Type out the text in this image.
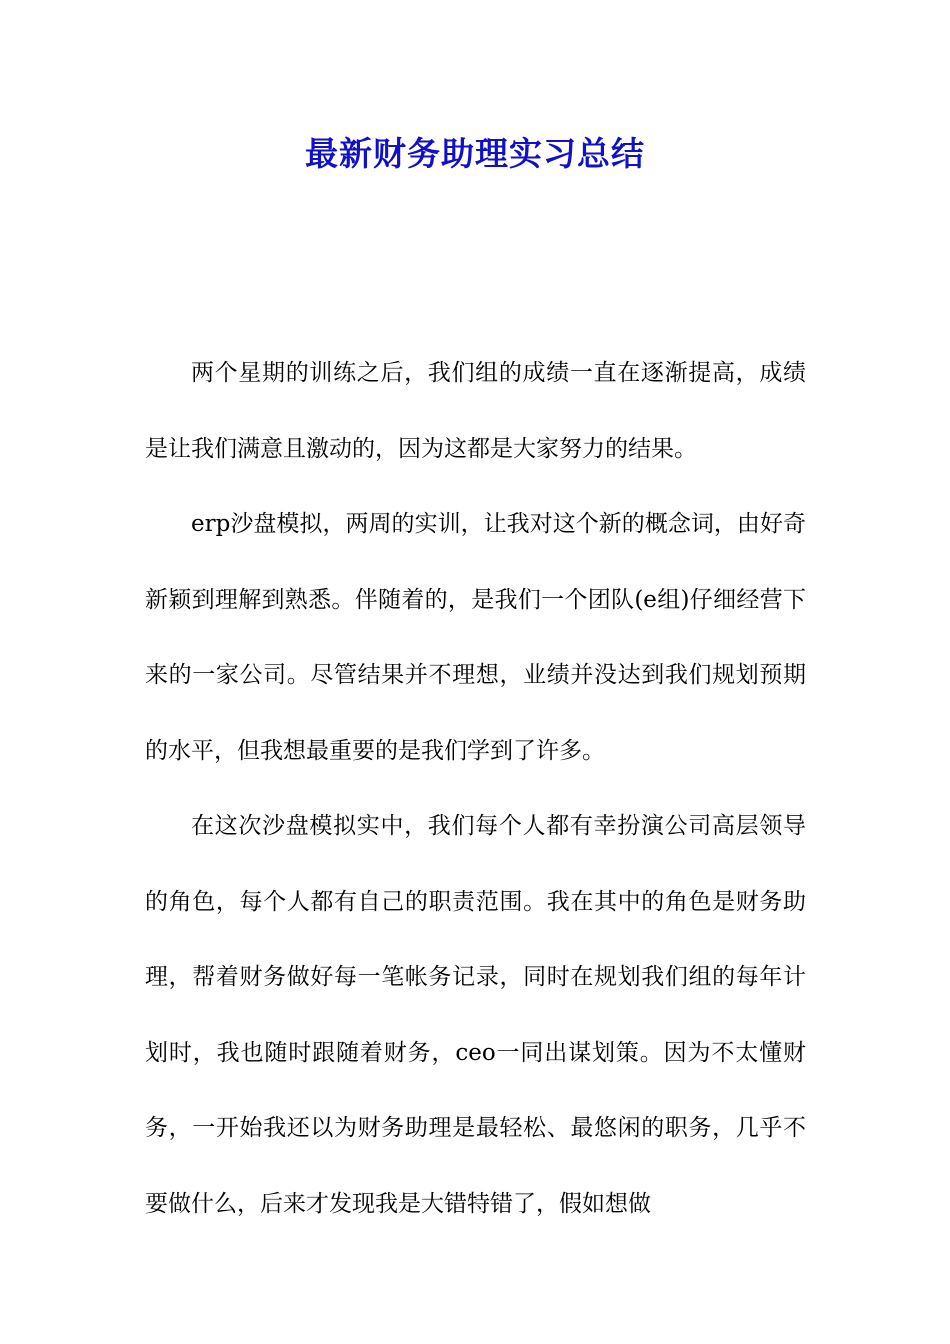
最新财务助理实习总结

两个星期的训练之后，我们组的成绩一直在逐渐提高，成绩是让我们满意且激动的，因为这都是大家努力的结果。

erp沙盘模拟，两周的实训，让我对这个新的概念词，由好奇新颖到理解到熟悉。伴随着的，是我们一个团队(e组)仔细经营下来的一家公司。尽管结果并不理想，业绩并没达到我们规划预期的水平，但我想最重要的是我们学到了许多。

在这次沙盘模拟实中，我们每个人都有幸扮演公司高层领导的角色，每个人都有自己的职责范围。我在其中的角色是财务助理，帮着财务做好每一笔帐务记录，同时在规划我们组的每年计划时，我也随时跟随着财务，ceo一同出谋划策。因为不太懂财务，一开始我还以为财务助理是最轻松、最悠闲的职务，几乎不要做什么，后来才发现我是大错特错了，假如想做
